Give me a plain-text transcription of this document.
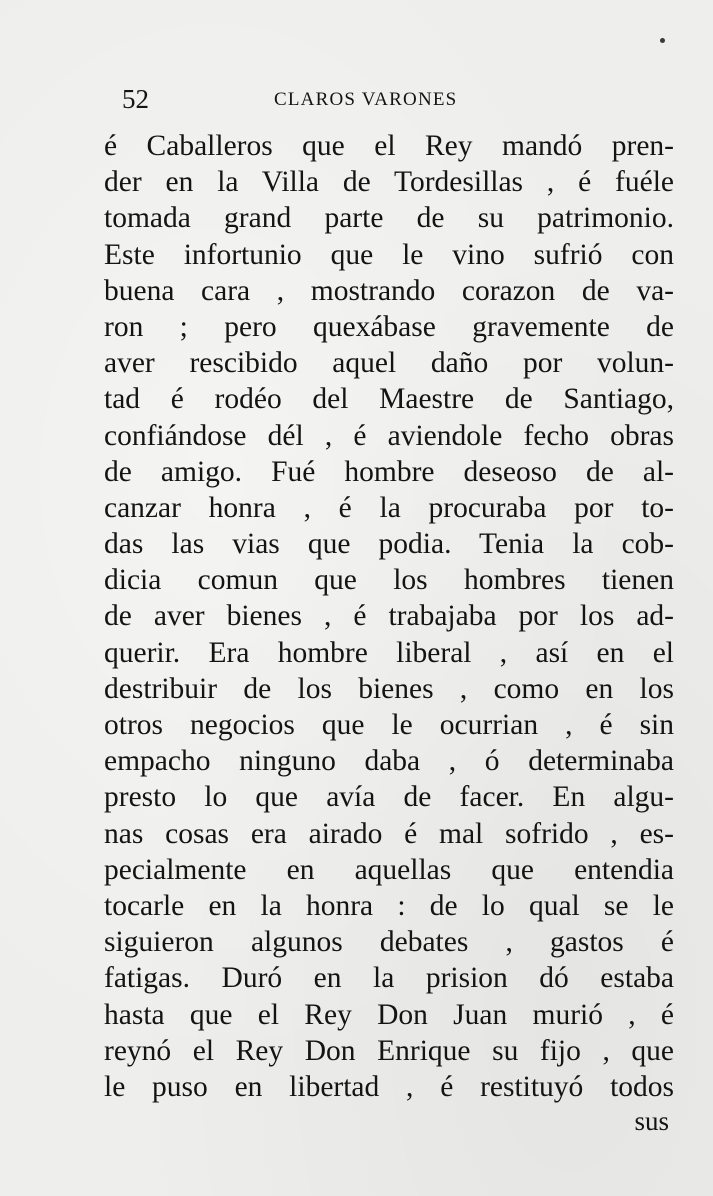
52	CLAROS VARONES
é Caballeros que el Rey mandó pren-
der en la Villa de Tordesillas , é fuéle
tomada grand parte de su patrimonio.
Este infortunio que le vino sufrió con
buena cara , mostrando corazon de va-
ron ; pero quexábase gravemente de
aver rescibido aquel daño por volun-
tad é rodéo del Maestre de Santiago,
confiándose dél , é aviendole fecho obras
de amigo. Fué hombre deseoso de al-
canzar honra , é la procuraba por to-
das las vias que podia. Tenia la cob-
dicia comun que los hombres tienen
de aver bienes , é trabajaba por los ad-
querir. Era hombre liberal , así en el
destribuir de los bienes , como en los
otros negocios que le ocurrian , é sin
empacho ninguno daba , ó determinaba
presto lo que avía de facer. En algu-
nas cosas era airado é mal sofrido , es-
pecialmente en aquellas que entendia
tocarle en la honra : de lo qual se le
siguieron algunos debates , gastos é
fatigas. Duró en la prision dó estaba
hasta que el Rey Don Juan murió , é
reynó el Rey Don Enrique su fijo , que
le puso en libertad , é restituyó todos
sus
